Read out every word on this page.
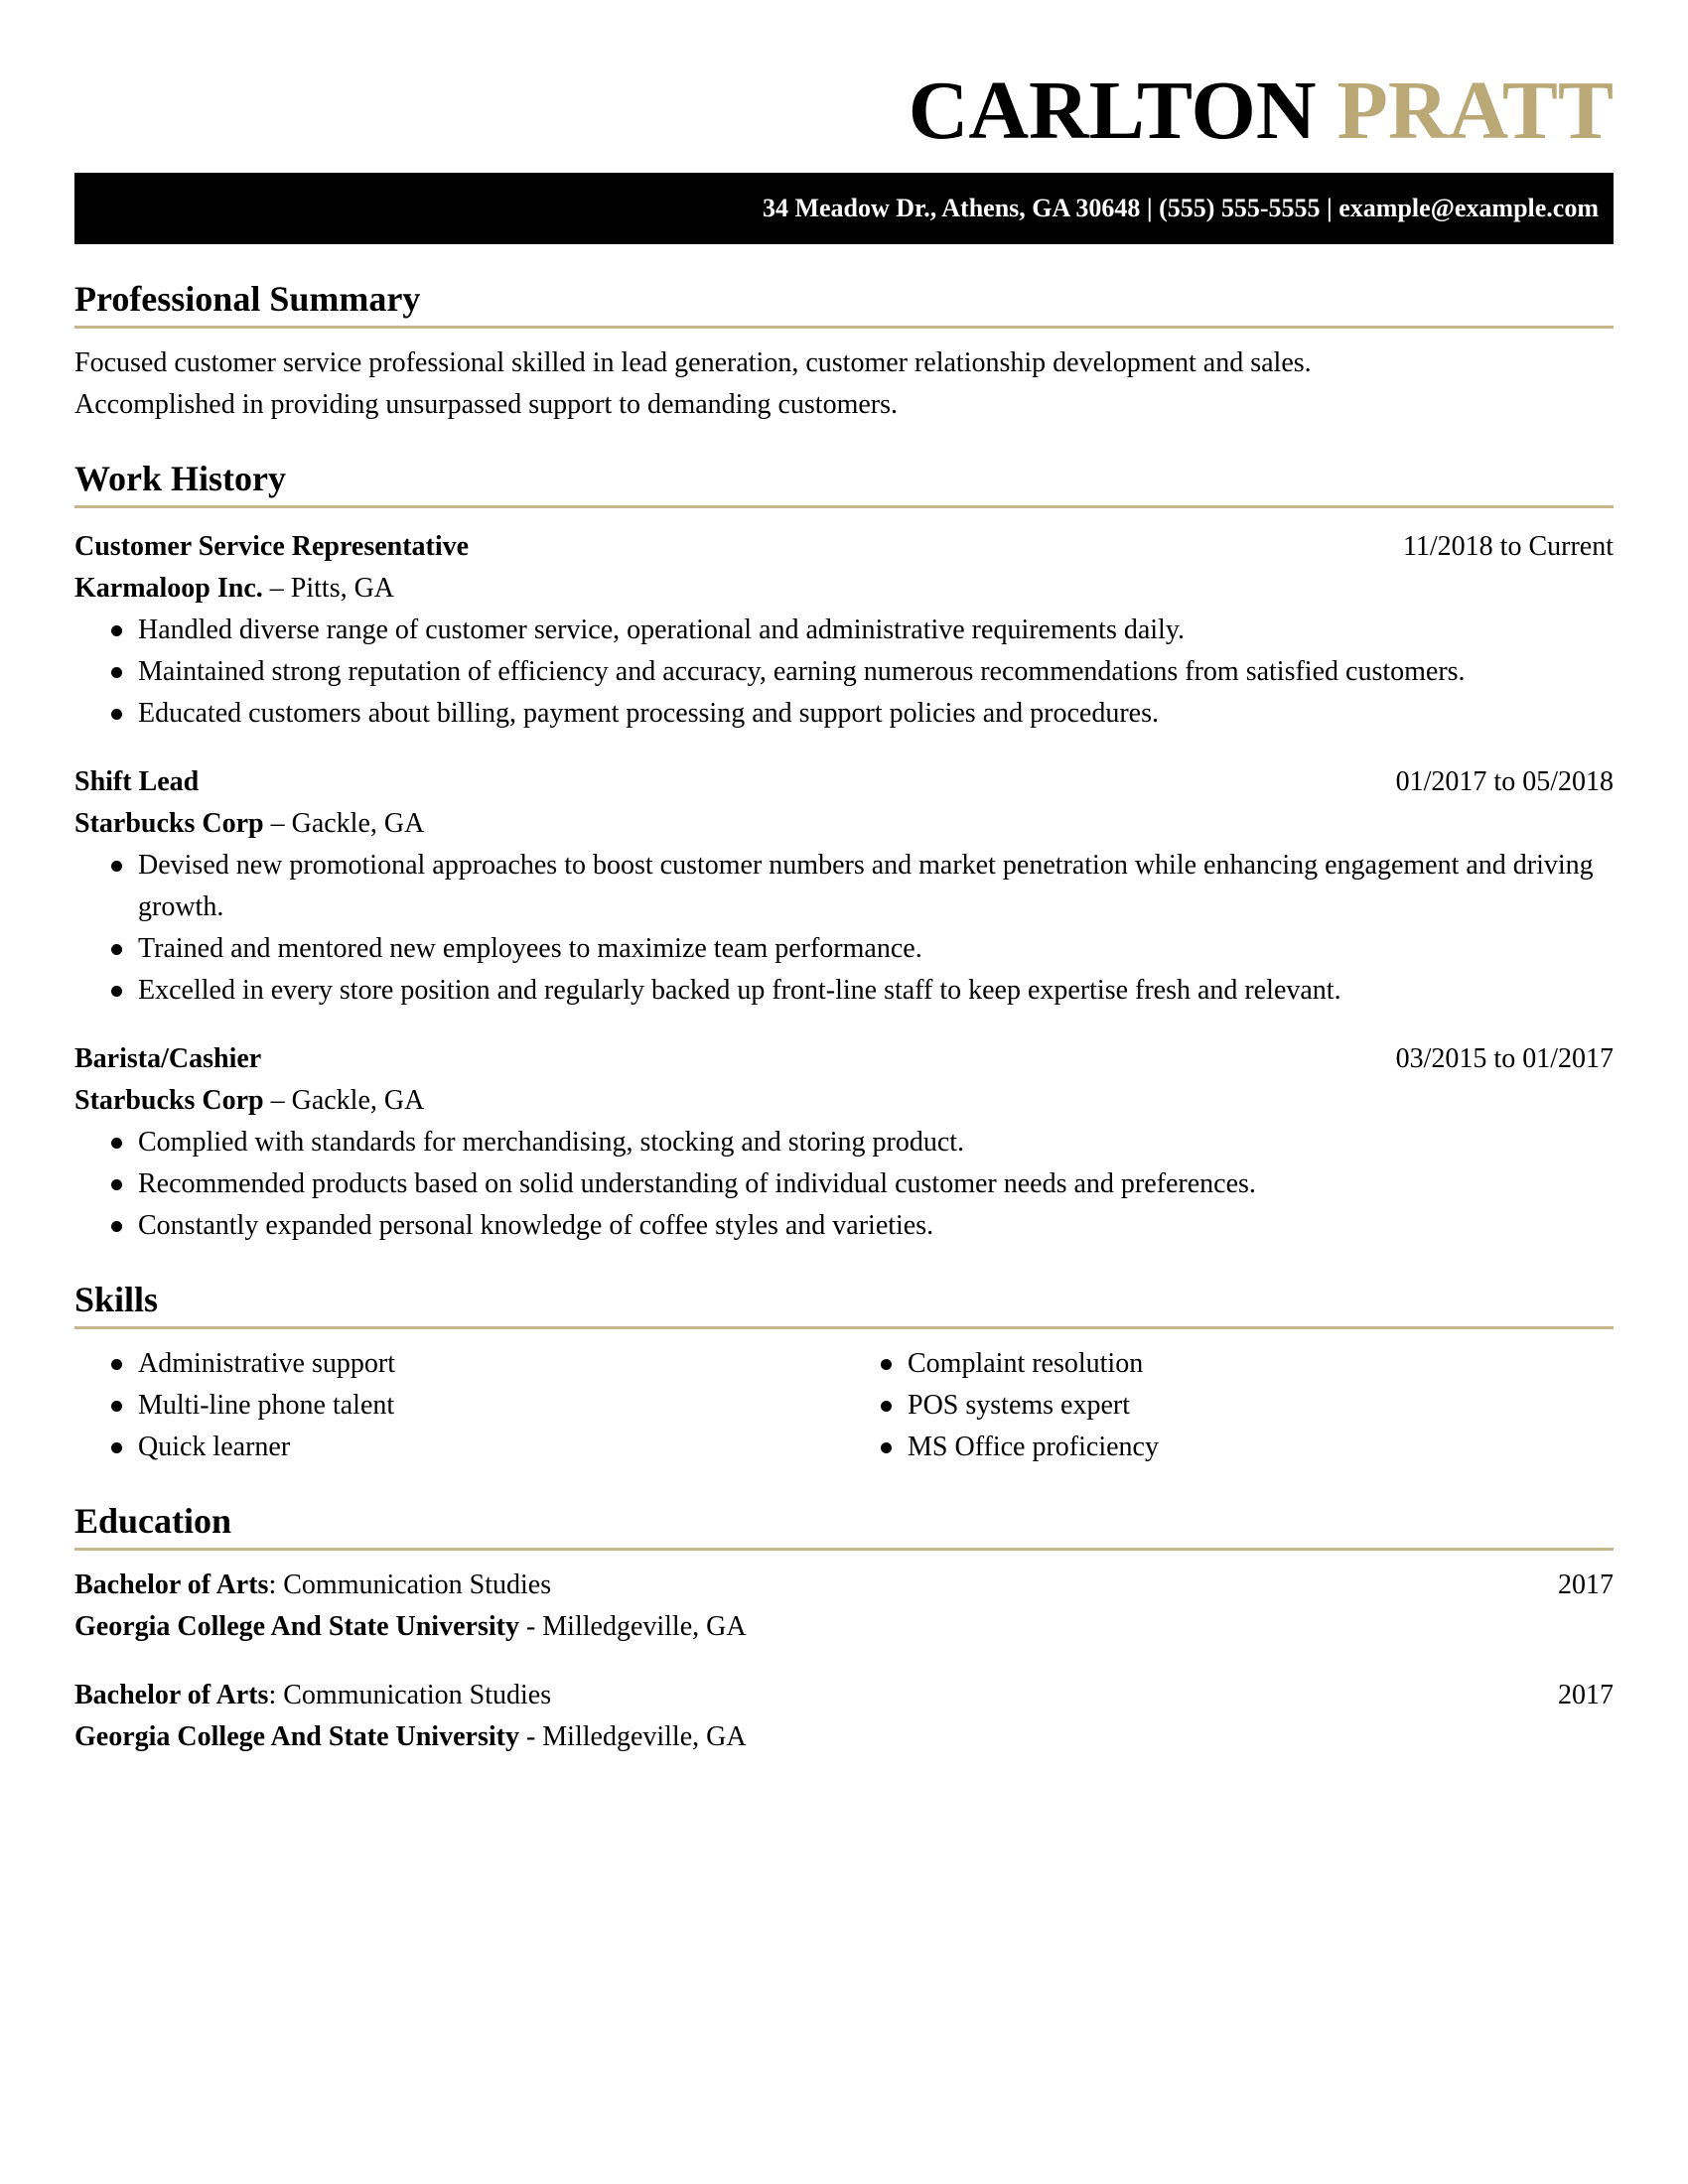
CARLTON PRATT
34 Meadow Dr., Athens, GA 30648 | (555) 555-5555 | example@example.com
Professional Summary
Focused customer service professional skilled in lead generation, customer relationship development and sales.
Accomplished in providing unsurpassed support to demanding customers.
Work History
Customer Service Representative	11/2018 to Current
Karmaloop Inc. – Pitts, GA
Handled diverse range of customer service, operational and administrative requirements daily.
Maintained strong reputation of efficiency and accuracy, earning numerous recommendations from satisfied customers.
Educated customers about billing, payment processing and support policies and procedures.
Shift Lead	01/2017 to 05/2018
Starbucks Corp – Gackle, GA
Devised new promotional approaches to boost customer numbers and market penetration while enhancing engagement and driving growth.
Trained and mentored new employees to maximize team performance.
Excelled in every store position and regularly backed up front-line staff to keep expertise fresh and relevant.
Barista/Cashier	03/2015 to 01/2017
Starbucks Corp – Gackle, GA
Complied with standards for merchandising, stocking and storing product.
Recommended products based on solid understanding of individual customer needs and preferences.
Constantly expanded personal knowledge of coffee styles and varieties.
Skills
Administrative support
Multi-line phone talent
Quick learner
Complaint resolution
POS systems expert
MS Office proficiency
Education
Bachelor of Arts: Communication Studies	2017
Georgia College And State University - Milledgeville, GA
Bachelor of Arts: Communication Studies	2017
Georgia College And State University - Milledgeville, GA
